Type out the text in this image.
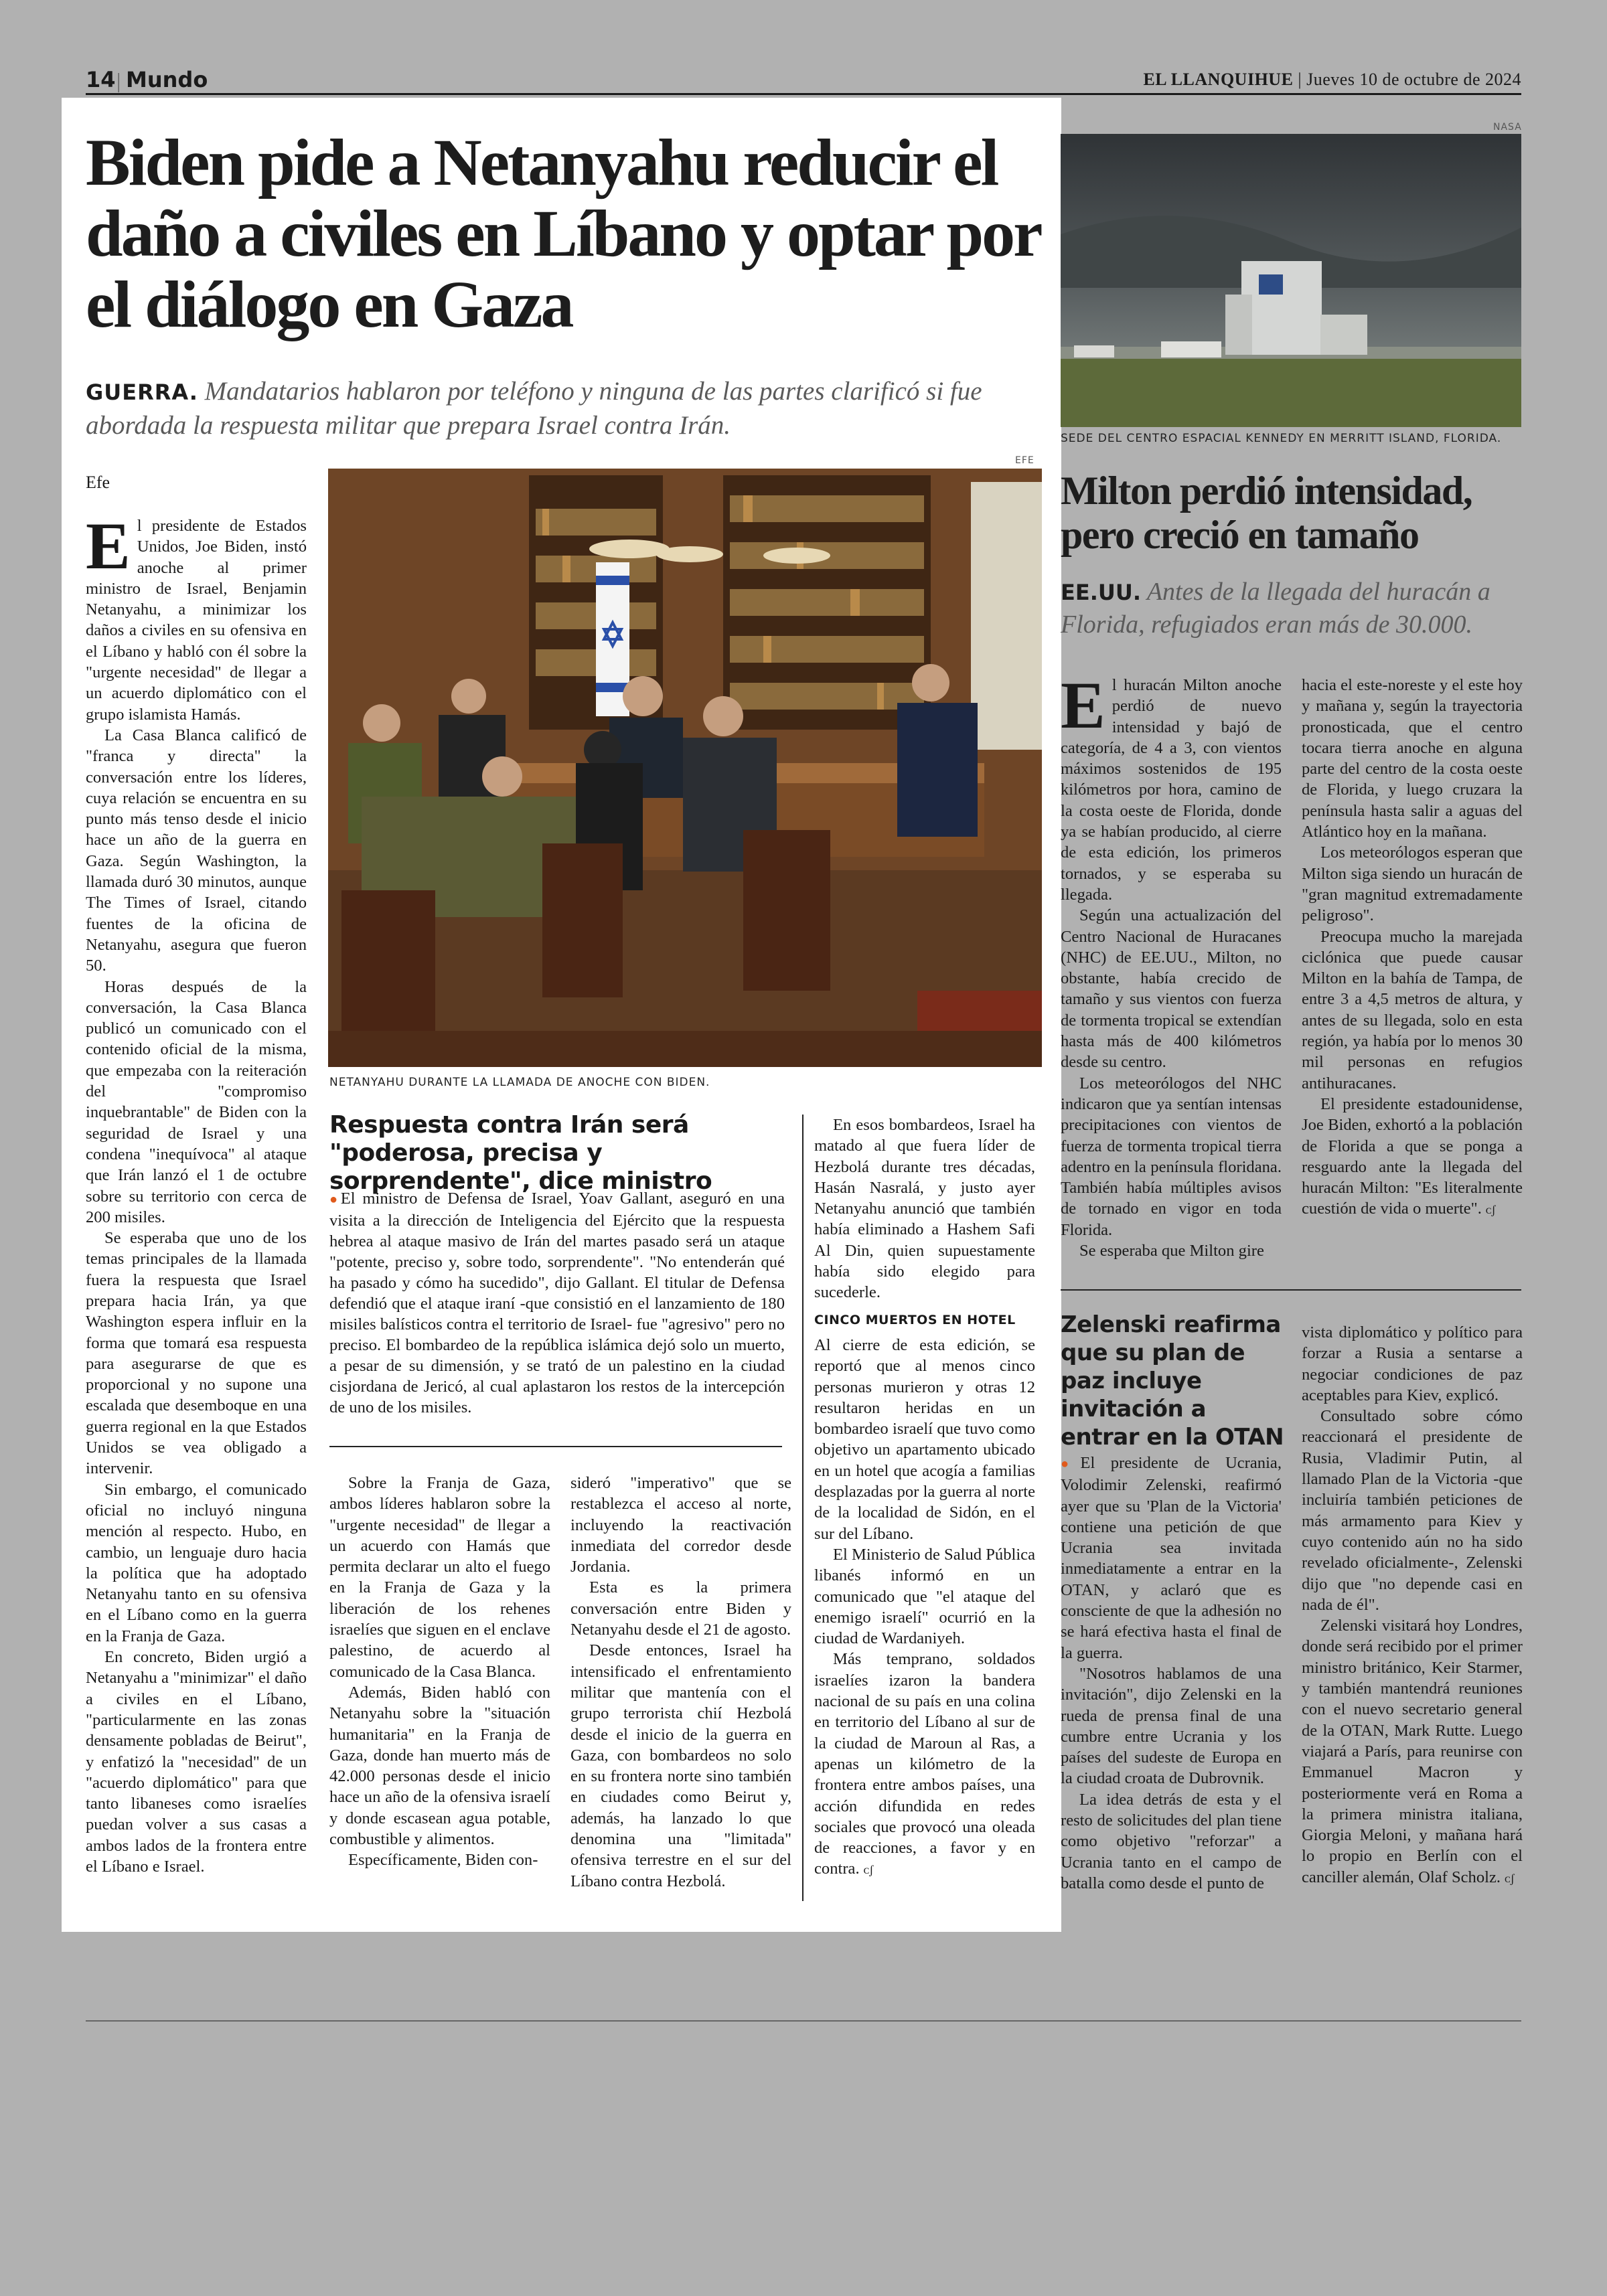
14 | Mundo	EL LLANQUIHUE | Jueves 10 de octubre de 2024
Biden pide a Netanyahu reducir el daño a civiles en Líbano y optar por el diálogo en Gaza
GUERRA. Mandatarios hablaron por teléfono y ninguna de las partes clarificó si fue abordada la respuesta militar que prepara Israel contra Irán.
Efe
EFE
NETANYAHU DURANTE LA LLAMADA DE ANOCHE CON BIDEN.

El presidente de Estados Unidos, Joe Biden, instó anoche al primer ministro de Israel, Benjamin Netanyahu, a minimizar los daños a civiles en su ofensiva en el Líbano y habló con él sobre la "urgente necesidad" de llegar a un acuerdo diplomático con el grupo islamista Hamás.

La Casa Blanca calificó de "franca y directa" la conversación entre los líderes, cuya relación se encuentra en su punto más tenso desde el inicio hace un año de la guerra en Gaza. Según Washington, la llamada duró 30 minutos, aunque The Times of Israel, citando fuentes de la oficina de Netanyahu, asegura que fueron 50.

Horas después de la conversación, la Casa Blanca publicó un comunicado con el contenido oficial de la misma, que empezaba con la reiteración del "compromiso inquebrantable" de Biden con la seguridad de Israel y una condena "inequívoca" al ataque que Irán lanzó el 1 de octubre sobre su territorio con cerca de 200 misiles.

Se esperaba que uno de los temas principales de la llamada fuera la respuesta que Israel prepara hacia Irán, ya que Washington espera influir en la forma que tomará esa respuesta para asegurarse de que es proporcional y no supone una escalada que desemboque en una guerra regional en la que Estados Unidos se vea obligado a intervenir.

Sin embargo, el comunicado oficial no incluyó ninguna mención al respecto. Hubo, en cambio, un lenguaje duro hacia la política que ha adoptado Netanyahu tanto en su ofensiva en el Líbano como en la guerra en la Franja de Gaza.

En concreto, Biden urgió a Netanyahu a "minimizar" el daño a civiles en el Líbano, "particularmente en las zonas densamente pobladas de Beirut", y enfatizó la "necesidad" de un "acuerdo diplomático" para que tanto libaneses como israelíes puedan volver a sus casas a ambos lados de la frontera entre el Líbano e Israel.

Respuesta contra Irán será "poderosa, precisa y sorprendente", dice ministro

●El ministro de Defensa de Israel, Yoav Gallant, aseguró en una visita a la dirección de Inteligencia del Ejército que la respuesta hebrea al ataque masivo de Irán del martes pasado será un ataque "potente, preciso y, sobre todo, sorprendente". "No entenderán qué ha pasado y cómo ha sucedido", dijo Gallant. El titular de Defensa defendió que el ataque iraní -que consistió en el lanzamiento de 180 misiles balísticos contra el territorio de Israel- fue "agresivo" pero no preciso. El bombardeo de la república islámica dejó solo un muerto, a pesar de su dimensión, y se trató de un palestino en la ciudad cisjordana de Jericó, al cual aplastaron los restos de la intercepción de uno de los misiles.

Sobre la Franja de Gaza, ambos líderes hablaron sobre la "urgente necesidad" de llegar a un acuerdo con Hamás que permita declarar un alto el fuego en la Franja de Gaza y la liberación de los rehenes israelíes que siguen en el enclave palestino, de acuerdo al comunicado de la Casa Blanca.

Además, Biden habló con Netanyahu sobre la "situación humanitaria" en la Franja de Gaza, donde han muerto más de 42.000 personas desde el inicio hace un año de la ofensiva israelí y donde escasean agua potable, combustible y alimentos.

Específicamente, Biden con-

sideró "imperativo" que se restablezca el acceso al norte, incluyendo la reactivación inmediata del corredor desde Jordania.

Esta es la primera conversación entre Biden y Netanyahu desde el 21 de agosto.

Desde entonces, Israel ha intensificado el enfrentamiento militar que mantenía con el grupo terrorista chií Hezbolá desde el inicio de la guerra en Gaza, con bombardeos no solo en su frontera norte sino también en ciudades como Beirut y, además, ha lanzado lo que denomina una "limitada" ofensiva terrestre en el sur del Líbano contra Hezbolá.

En esos bombardeos, Israel ha matado al que fuera líder de Hezbolá durante tres décadas, Hasán Nasralá, y justo ayer Netanyahu anunció que también había eliminado a Hashem Safi Al Din, quien supuestamente había sido elegido para sucederle.

CINCO MUERTOS EN HOTEL

Al cierre de esta edición, se reportó que al menos cinco personas murieron y otras 12 resultaron heridas en un bombardeo israelí que tuvo como objetivo un apartamento ubicado en un hotel que acogía a familias desplazadas por la guerra al norte de la localidad de Sidón, en el sur del Líbano.

El Ministerio de Salud Pública libanés informó en un comunicado que "el ataque del enemigo israelí" ocurrió en la ciudad de Wardaniyeh.

Más temprano, soldados israelíes izaron la bandera nacional de su país en una colina en territorio del Líbano al sur de la ciudad de Maroun al Ras, a apenas un kilómetro de la frontera entre ambos países, una acción difundida en redes sociales que provocó una oleada de reacciones, a favor y en contra. ᴄʃ

NASA
SEDE DEL CENTRO ESPACIAL KENNEDY EN MERRITT ISLAND, FLORIDA.
Milton perdió intensidad, pero creció en tamaño
EE.UU. Antes de la llegada del huracán a Florida, refugiados eran más de 30.000.

El huracán Milton anoche perdió de nuevo intensidad y bajó de categoría, de 4 a 3, con vientos máximos sostenidos de 195 kilómetros por hora, camino de la costa oeste de Florida, donde ya se habían producido, al cierre de esta edición, los primeros tornados, y se esperaba su llegada.

Según una actualización del Centro Nacional de Huracanes (NHC) de EE.UU., Milton, no obstante, había crecido de tamaño y sus vientos con fuerza de tormenta tropical se extendían hasta más de 400 kilómetros desde su centro.

Los meteorólogos del NHC indicaron que ya sentían intensas precipitaciones con vientos de fuerza de tormenta tropical tierra adentro en la península floridana. También había múltiples avisos de tornado en vigor en toda Florida.

Se esperaba que Milton gire

hacia el este-noreste y el este hoy y mañana y, según la trayectoria pronosticada, que el centro tocara tierra anoche en alguna parte del centro de la costa oeste de Florida, y luego cruzara la península hasta salir a aguas del Atlántico hoy en la mañana.

Los meteorólogos esperan que Milton siga siendo un huracán de "gran magnitud extremadamente peligroso".

Preocupa mucho la marejada ciclónica que puede causar Milton en la bahía de Tampa, de entre 3 a 4,5 metros de altura, y antes de su llegada, solo en esta región, ya había por lo menos 30 mil personas en refugios antihuracanes.

El presidente estadounidense, Joe Biden, exhortó a la población de Florida a que se ponga a resguardo ante la llegada del huracán Milton: "Es literalmente cuestión de vida o muerte". ᴄʃ

Zelenski reafirma que su plan de paz incluye invitación a entrar en la OTAN

●El presidente de Ucrania, Volodimir Zelenski, reafirmó ayer que su 'Plan de la Victoria' contiene una petición de que Ucrania sea invitada inmediatamente a entrar en la OTAN, y aclaró que es consciente de que la adhesión no se hará efectiva hasta el final de la guerra.

"Nosotros hablamos de una invitación", dijo Zelenski en la rueda de prensa final de una cumbre entre Ucrania y los países del sudeste de Europa en la ciudad croata de Dubrovnik.

La idea detrás de esta y el resto de solicitudes del plan tiene como objetivo "reforzar" a Ucrania tanto en el campo de batalla como desde el punto de

vista diplomático y político para forzar a Rusia a sentarse a negociar condiciones de paz aceptables para Kiev, explicó.

Consultado sobre cómo reaccionará el presidente de Rusia, Vladimir Putin, al llamado Plan de la Victoria -que incluiría también peticiones de más armamento para Kiev y cuyo contenido aún no ha sido revelado oficialmente-, Zelenski dijo que "no depende casi en nada de él".

Zelenski visitará hoy Londres, donde será recibido por el primer ministro británico, Keir Starmer, y también mantendrá reuniones con el nuevo secretario general de la OTAN, Mark Rutte. Luego viajará a París, para reunirse con Emmanuel Macron y posteriormente verá en Roma a la primera ministra italiana, Giorgia Meloni, y mañana hará lo propio en Berlín con el canciller alemán, Olaf Scholz. ᴄʃ
